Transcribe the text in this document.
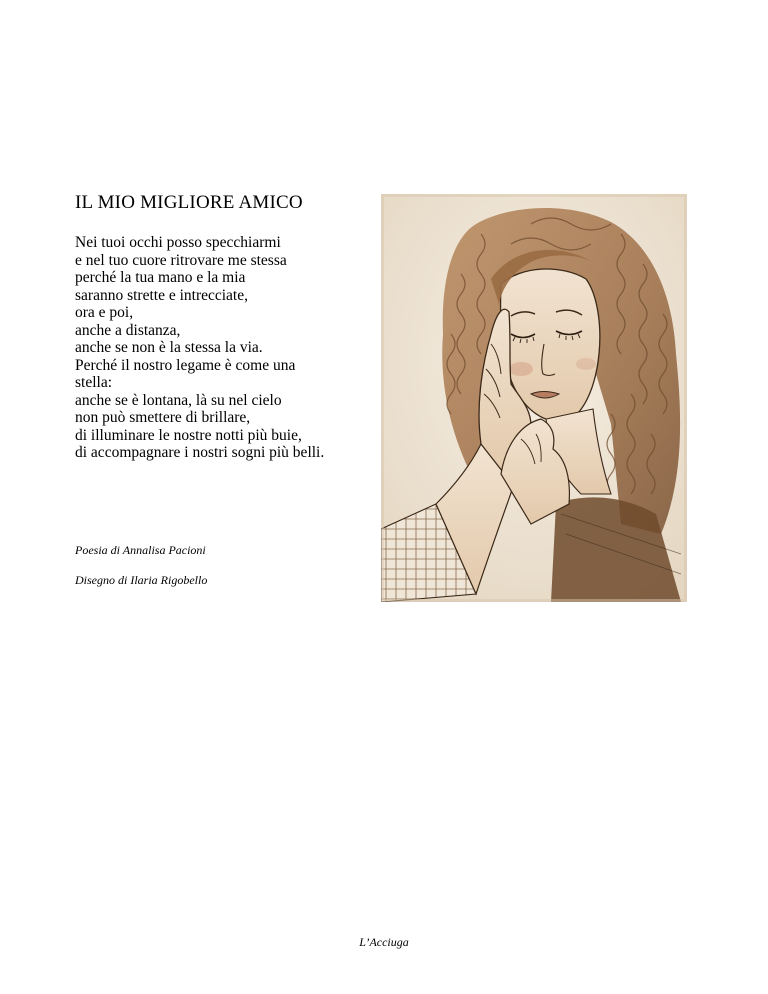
IL MIO MIGLIORE AMICO
Nei tuoi occhi posso specchiarmi
e nel tuo cuore ritrovare me stessa
perché la tua mano e la mia
saranno strette e intrecciate,
ora e poi,
anche a distanza,
anche se non è la stessa la via.
Perché il nostro legame è come una
stella:
anche se è lontana, là su nel cielo
non può smettere di brillare,
di illuminare le nostre notti più buie,
di accompagnare i nostri sogni più belli.
Poesia di Annalisa Pacioni
Disegno di Ilaria Rigobello
L’Acciuga
